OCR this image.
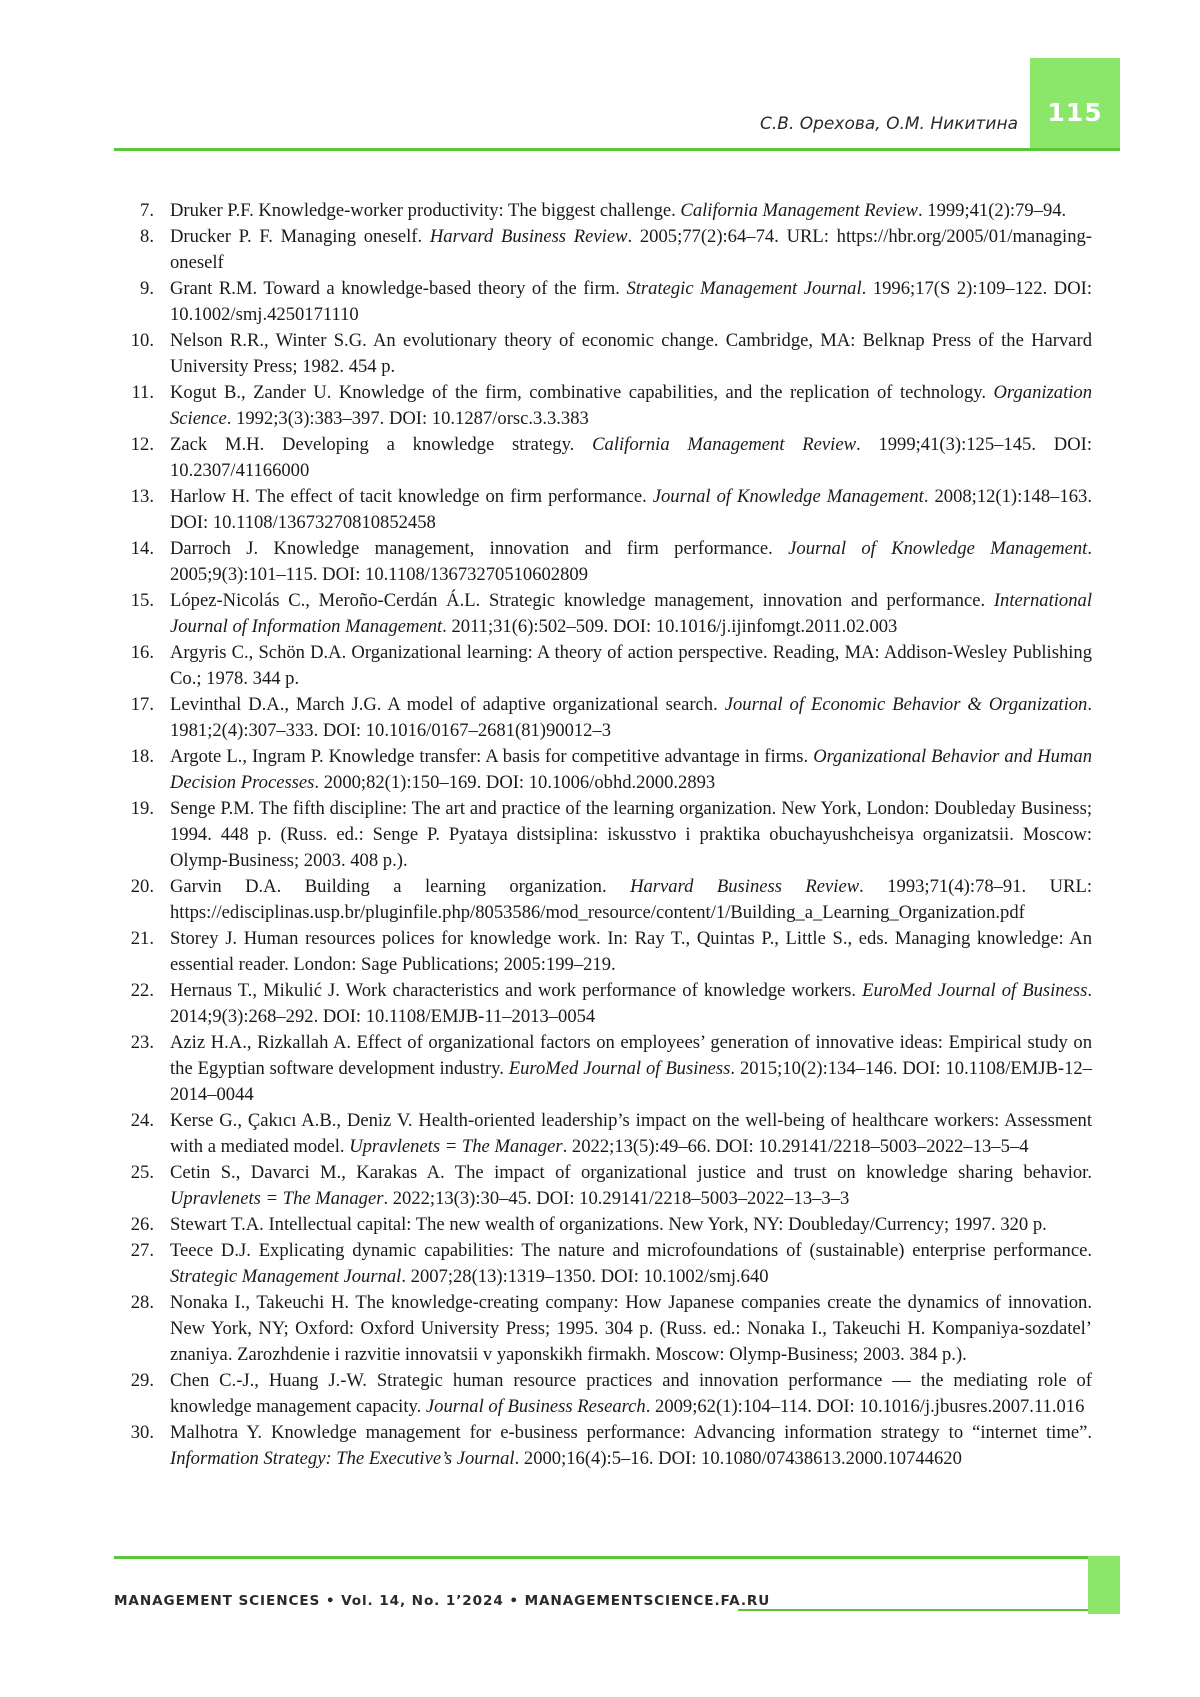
115
С.В. Орехова, О.М. Никитина
7. Druker P.F. Knowledge-worker productivity: The biggest challenge. California Management Review. 1999;41(2):79–94.
8. Drucker P. F. Managing oneself. Harvard Business Review. 2005;77(2):64–74. URL: https://hbr.org/2005/01/managing-oneself
9. Grant R.M. Toward a knowledge-based theory of the firm. Strategic Management Journal. 1996;17(S 2):109–122. DOI: 10.1002/smj.4250171110
10. Nelson R.R., Winter S.G. An evolutionary theory of economic change. Cambridge, MA: Belknap Press of the Harvard University Press; 1982. 454 p.
11. Kogut B., Zander U. Knowledge of the firm, combinative capabilities, and the replication of technology. Organization Science. 1992;3(3):383–397. DOI: 10.1287/orsc.3.3.383
12. Zack M.H. Developing a knowledge strategy. California Management Review. 1999;41(3):125–145. DOI: 10.2307/41166000
13. Harlow H. The effect of tacit knowledge on firm performance. Journal of Knowledge Management. 2008;12(1):148–163. DOI: 10.1108/13673270810852458
14. Darroch J. Knowledge management, innovation and firm performance. Journal of Knowledge Management. 2005;9(3):101–115. DOI: 10.1108/13673270510602809
15. López-Nicolás C., Meroño-Cerdán Á.L. Strategic knowledge management, innovation and performance. International Journal of Information Management. 2011;31(6):502–509. DOI: 10.1016/j.ijinfomgt.2011.02.003
16. Argyris C., Schön D.A. Organizational learning: A theory of action perspective. Reading, MA: Addison-Wesley Publishing Co.; 1978. 344 p.
17. Levinthal D.A., March J.G. A model of adaptive organizational search. Journal of Economic Behavior & Organization. 1981;2(4):307–333. DOI: 10.1016/0167–2681(81)90012–3
18. Argote L., Ingram P. Knowledge transfer: A basis for competitive advantage in firms. Organizational Behavior and Human Decision Processes. 2000;82(1):150–169. DOI: 10.1006/obhd.2000.2893
19. Senge P.M. The fifth discipline: The art and practice of the learning organization. New York, London: Doubleday Business; 1994. 448 p. (Russ. ed.: Senge P. Pyataya distsiplina: iskusstvo i praktika obuchayushcheisya organizatsii. Moscow: Olymp-Business; 2003. 408 p.).
20. Garvin D.A. Building a learning organization. Harvard Business Review. 1993;71(4):78–91. URL: https://edisciplinas.usp.br/pluginfile.php/8053586/mod_resource/content/1/Building_a_Learning_Organization.pdf
21. Storey J. Human resources polices for knowledge work. In: Ray T., Quintas P., Little S., eds. Managing knowledge: An essential reader. London: Sage Publications; 2005:199–219.
22. Hernaus T., Mikulić J. Work characteristics and work performance of knowledge workers. EuroMed Journal of Business. 2014;9(3):268–292. DOI: 10.1108/EMJB-11–2013–0054
23. Aziz H.A., Rizkallah A. Effect of organizational factors on employees’ generation of innovative ideas: Empirical study on the Egyptian software development industry. EuroMed Journal of Business. 2015;10(2):134–146. DOI: 10.1108/EMJB-12–2014–0044
24. Kerse G., Çakıcı A.B., Deniz V. Health-oriented leadership’s impact on the well-being of healthcare workers: Assessment with a mediated model. Upravlenets = The Manager. 2022;13(5):49–66. DOI: 10.29141/2218–5003–2022–13–5–4
25. Cetin S., Davarci M., Karakas A. The impact of organizational justice and trust on knowledge sharing behavior. Upravlenets = The Manager. 2022;13(3):30–45. DOI: 10.29141/2218–5003–2022–13–3–3
26. Stewart T.A. Intellectual capital: The new wealth of organizations. New York, NY: Doubleday/Currency; 1997. 320 p.
27. Teece D.J. Explicating dynamic capabilities: The nature and microfoundations of (sustainable) enterprise performance. Strategic Management Journal. 2007;28(13):1319–1350. DOI: 10.1002/smj.640
28. Nonaka I., Takeuchi H. The knowledge-creating company: How Japanese companies create the dynamics of innovation. New York, NY; Oxford: Oxford University Press; 1995. 304 p. (Russ. ed.: Nonaka I., Takeuchi H. Kompaniya-sozdatel’ znaniya. Zarozhdenie i razvitie innovatsii v yaponskikh firmakh. Moscow: Olymp-Business; 2003. 384 p.).
29. Chen C.-J., Huang J.-W. Strategic human resource practices and innovation performance — the mediating role of knowledge management capacity. Journal of Business Research. 2009;62(1):104–114. DOI: 10.1016/j.jbusres.2007.11.016
30. Malhotra Y. Knowledge management for e-business performance: Advancing information strategy to “internet time”. Information Strategy: The Executive’s Journal. 2000;16(4):5–16. DOI: 10.1080/07438613.2000.10744620
MANAGEMENT SCIENCES • Vol. 14, No. 1’2024 • MANAGEMENTSCIENCE.FA.RU
